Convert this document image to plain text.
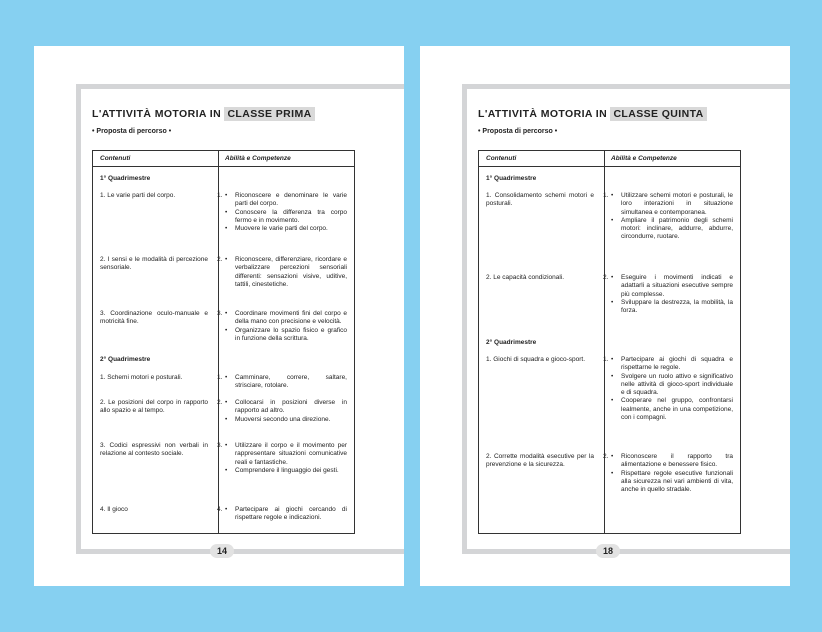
L'ATTIVITÀ MOTORIA IN CLASSE PRIMA
• Proposta di percorso •
Contenuti	Abilità e Competenze
1° Quadrimestre
1. Le varie parti del corpo.	1. • Riconoscere e denominare le varie parti del corpo.
• Conoscere la differenza tra corpo fermo e in movimento.
• Muovere le varie parti del corpo.
2. I sensi e le modalità di percezione sensoriale.
2. • Riconoscere, differenziare, ricordare e verbalizzare percezioni sensoriali differenti: sensazioni visive, uditive, tattili, cinestetiche.
3. Coordinazione oculo-manuale e motricità fine.
3. • Coordinare movimenti fini del corpo e della mano con precisione e velocità.
• Organizzare lo spazio fisico e grafico in funzione della scrittura.
2° Quadrimestre
1. Schemi motori e posturali.	1. • Camminare, correre, saltare, strisciare, rotolare.
2. Le posizioni del corpo in rapporto allo spazio e al tempo.
2. • Collocarsi in posizioni diverse in rapporto ad altro.
• Muoversi secondo una direzione.
3. Codici espressivi non verbali in relazione al contesto sociale.
3. • Utilizzare il corpo e il movimento per rappresentare situazioni comunicative reali e fantastiche.
• Comprendere il linguaggio dei gesti.
4. Il gioco	4. • Partecipare ai giochi cercando di rispettare regole e indicazioni.
14
L'ATTIVITÀ MOTORIA IN CLASSE QUINTA
• Proposta di percorso •
Contenuti	Abilità e Competenze
1° Quadrimestre
1. Consolidamento schemi motori e posturali.
1. • Utilizzare schemi motori e posturali, le loro interazioni in situazione simultanea e contemporanea.
• Ampliare il patrimonio degli schemi motori: inclinare, addurre, abdurre, circondurre, ruotare.
2. Le capacità condizionali.	2. • Eseguire i movimenti indicati e adattarli a situazioni esecutive sempre più complesse.
• Sviluppare la destrezza, la mobilità, la forza.
2° Quadrimestre
1. Giochi di squadra e gioco-sport.	1. • Partecipare ai giochi di squadra e rispettarne le regole.
• Svolgere un ruolo attivo e significativo nelle attività di gioco-sport individuale e di squadra.
• Cooperare nel gruppo, confrontarsi lealmente, anche in una competizione, con i compagni.
2. Corrette modalità esecutive per la prevenzione e la sicurezza.
2. • Riconoscere il rapporto tra alimentazione e benessere fisico.
• Rispettare regole esecutive funzionali alla sicurezza nei vari ambienti di vita, anche in quello stradale.
18
